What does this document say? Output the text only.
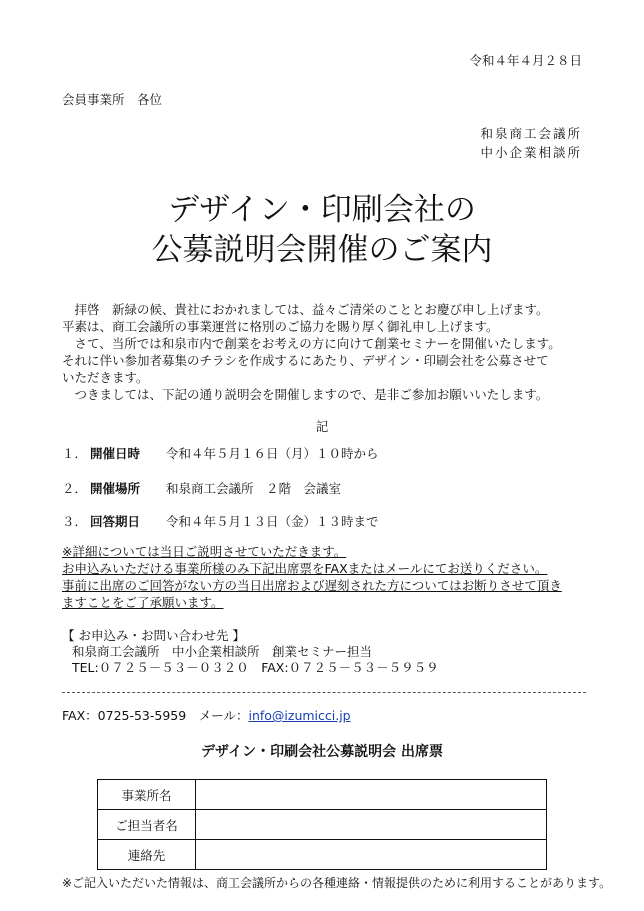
令和４年４月２８日
会員事業所　各位
和泉商工会議所
中小企業相談所
デザイン・印刷会社の
公募説明会開催のご案内
　拝啓　新緑の候、貴社におかれましては、益々ご清栄のこととお慶び申し上げます。
平素は、商工会議所の事業運営に格別のご協力を賜り厚く御礼申し上げます。
　さて、当所では和泉市内で創業をお考えの方に向けて創業セミナーを開催いたします。
それに伴い参加者募集のチラシを作成するにあたり、デザイン・印刷会社を公募させて
いただきます。
　つきましては、下記の通り説明会を開催しますので、是非ご参加お願いいたします。
記
１． 開催日時 令和４年５月１６日（月）１０時から
２． 開催場所 和泉商工会議所　２階　会議室
３． 回答期日 令和４年５月１３日（金）１３時まで
※詳細については当日ご説明させていただきます。
お申込みいただける事業所様のみ下記出席票をFAXまたはメールにてお送りください。
事前に出席のご回答がない方の当日出席および遅刻された方についてはお断りさせて頂き
ますことをご了承願います。
【 お申込み・お問い合わせ先 】
和泉商工会議所　中小企業相談所　創業セミナー担当
TEL:０７２５－５３－０３２０　FAX:０７２５－５３－５９５９
FAX：0725-53-5959　メール：info@izumicci.jp
デザイン・印刷会社公募説明会 出席票
事業所名	
ご担当者名	
連絡先	
※ご記入いただいた情報は、商工会議所からの各種連絡・情報提供のために利用することがあります。
